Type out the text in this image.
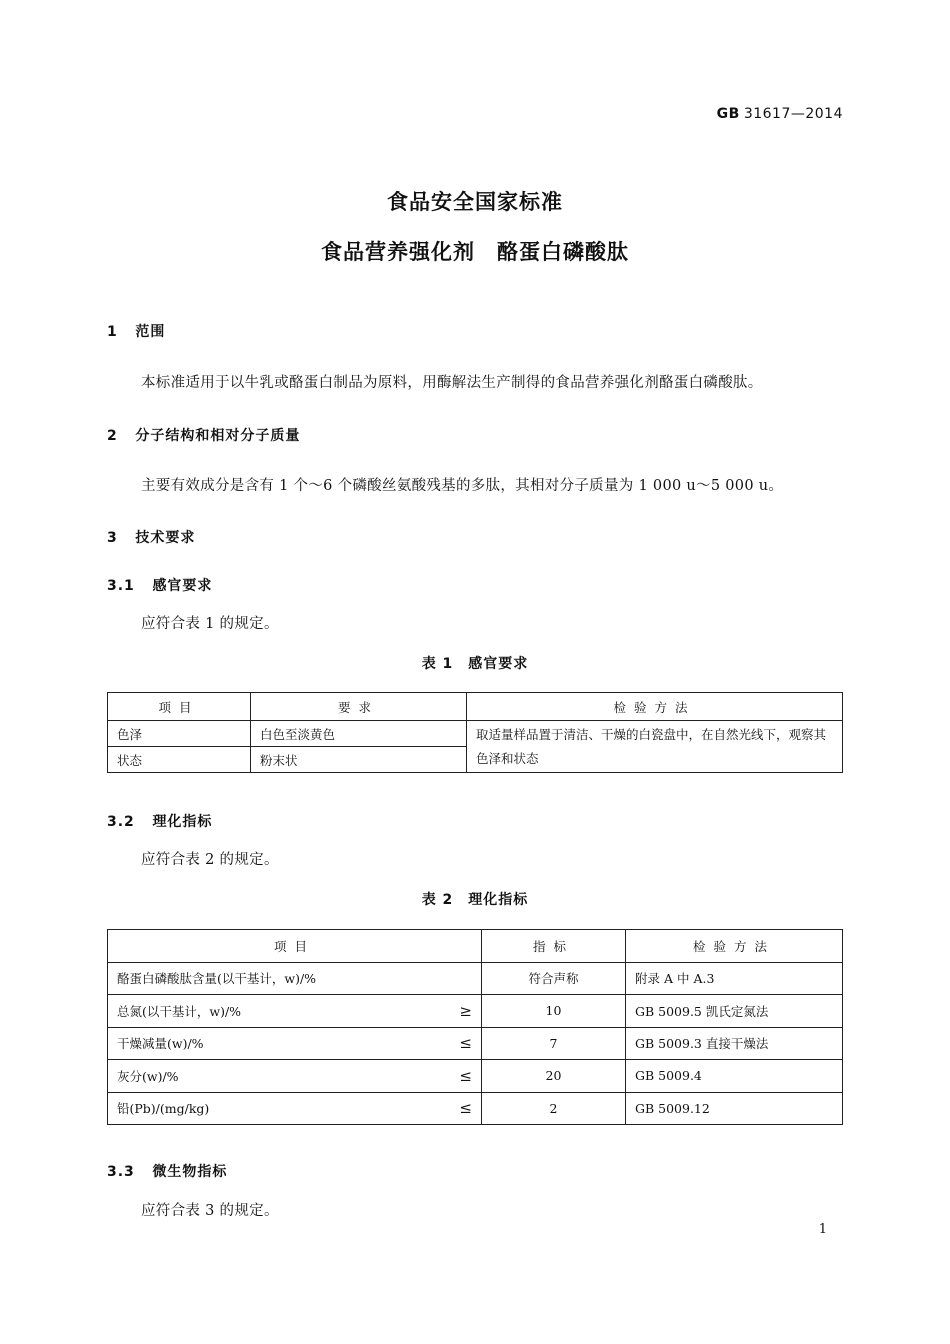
GB 31617—2014
食品安全国家标准
食品营养强化剂　酪蛋白磷酸肽
1 范围
本标准适用于以牛乳或酪蛋白制品为原料，用酶解法生产制得的食品营养强化剂酪蛋白磷酸肽。
2 分子结构和相对分子质量
主要有效成分是含有 1 个～6 个磷酸丝氨酸残基的多肽，其相对分子质量为 1 000 u～5 000 u。
3 技术要求
3.1 感官要求
应符合表 1 的规定。
表 1　感官要求
项目	要求	检验方法
色泽	白色至淡黄色	取适量样品置于清洁、干燥的白瓷盘中，在自然光线下，观察其色泽和状态
状态	粉末状	
3.2 理化指标
应符合表 2 的规定。
表 2　理化指标
项目	指标	检验方法
酪蛋白磷酸肽含量(以干基计，w)/%	符合声称	附录 A 中 A.3
总氮(以干基计，w)/% ≥	10	GB 5009.5 凯氏定氮法
干燥减量(w)/% ≤	7	GB 5009.3 直接干燥法
灰分(w)/% ≤	20	GB 5009.4
铅(Pb)/(mg/kg) ≤	2	GB 5009.12
3.3 微生物指标
应符合表 3 的规定。
1
